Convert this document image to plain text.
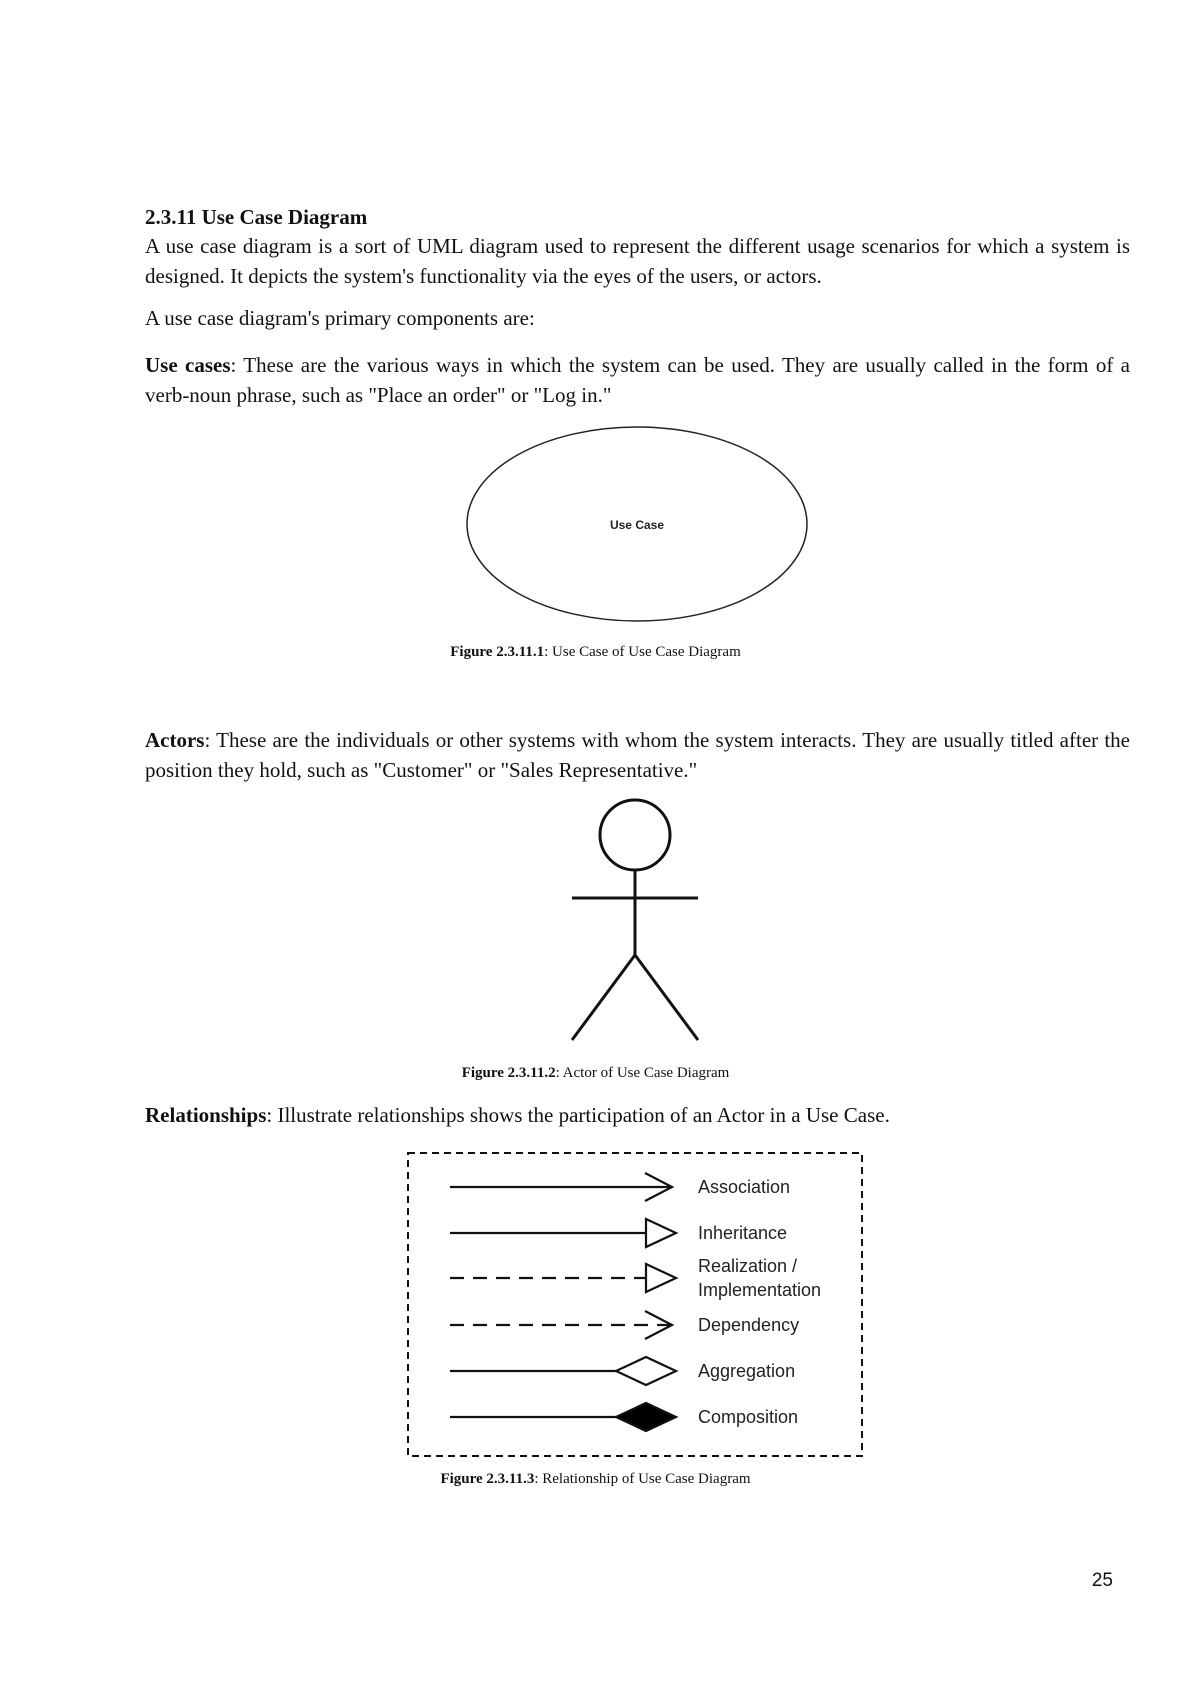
2.3.11 Use Case Diagram
A use case diagram is a sort of UML diagram used to represent the different usage scenarios for which a system is designed. It depicts the system's functionality via the eyes of the users, or actors.
A use case diagram's primary components are:
Use cases: These are the various ways in which the system can be used. They are usually called in the form of a verb-noun phrase, such as "Place an order" or "Log in."
Use Case
Figure 2.3.11.1: Use Case of Use Case Diagram
Actors: These are the individuals or other systems with whom the system interacts. They are usually titled after the position they hold, such as "Customer" or "Sales Representative."
Figure 2.3.11.2: Actor of Use Case Diagram
Relationships: Illustrate relationships shows the participation of an Actor in a Use Case.
Association
Inheritance
Realization /
Implementation
Dependency
Aggregation
Composition
Figure 2.3.11.3: Relationship of Use Case Diagram
25
